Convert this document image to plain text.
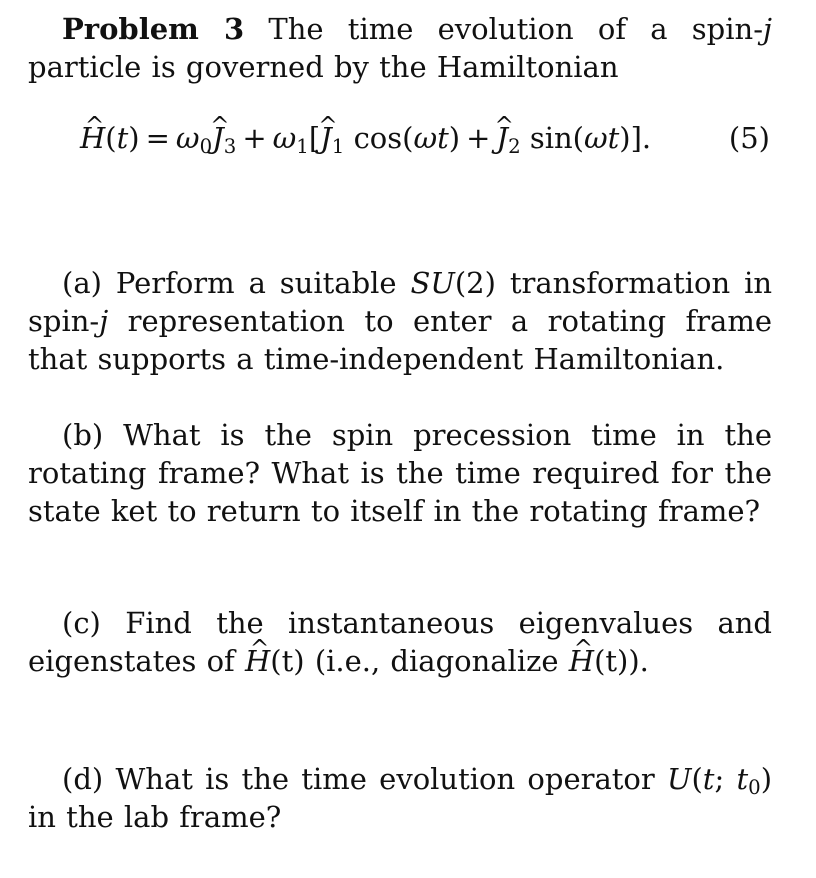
Problem 3 The time evolution of a spin-j particle is governed by the Hamiltonian
^ $H(t) = \omega_0\^{}$ $J_3$ + $\omega_1[\^{}$ $J_1$ cos(ωt) + ^ $J_2$ sin(ωt)].	(5)
(a) Perform a suitable SU(2) transformation in spin-j representation to enter a rotating frame that supports a time-independent Hamiltonian.
(b) What is the spin precession time in the rotating frame? What is the time required for the state ket to return to itself in the rotating frame?
(c) Find the instantaneous eigenvalues and eigenstates of ^ H(t) (i.e., diagonalize ^ H(t)).
(d) What is the time evolution operator U(t; $t_0$) in the lab frame?
